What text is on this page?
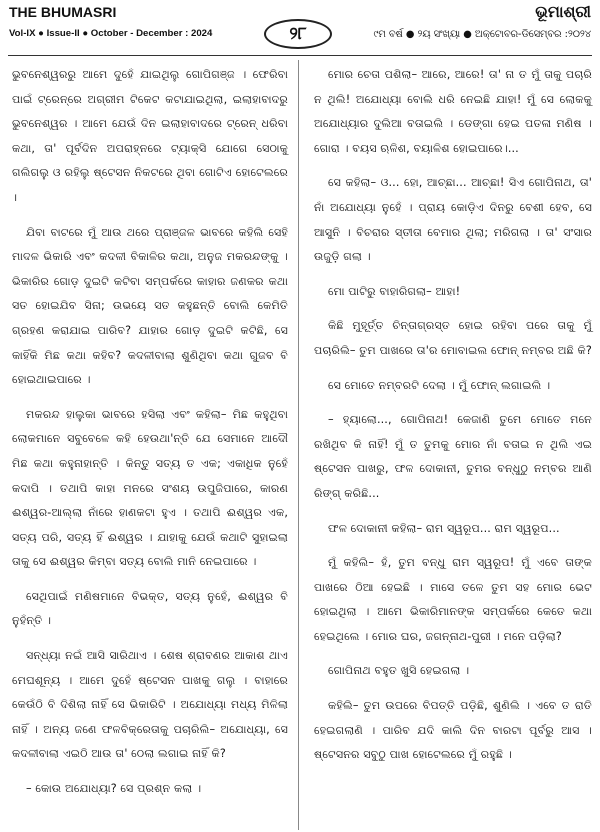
THE BHUMASRI
Vol-IX ● Issue-II ● October - December : 2024	୨୮
ଭୂମାଶ୍ରୀ
୯ମ ବର୍ଷ ● ୨ୟ ସଂଖ୍ୟା ● ଅକ୍ଟୋବର-ଡିସେମ୍ବର :୨୦୨୪

ଭୁବନେଶ୍ୱରରୁ ଆମେ ଦୁହେଁ ଯାଇଥିଲୁ ଗୋପିଗଞ୍ଜ । ଫେରିବା ପାଇଁ ଟ୍ରେନ୍‌ରେ ଅଗ୍ରୀମ ଟିକେଟ କଟାଯାଇଥିଲା, ଇଲାହାବାଦରୁ ଭୁବନେଶ୍ୱର । ଆମେ ଯେଉଁ ଦିନ ଇଲାହାବାଦରେ ଟ୍ରେନ୍ ଧରିବା କଥା, ତା' ପୂର୍ବଦିନ ଅପରାହ୍ନରେ ଟ୍ୟାକ୍ସି ଯୋଗେ ସେଠାକୁ ଗଲିଗଲୁ ଓ ରହିଲୁ ଷ୍ଟେସନ ନିକଟରେ ଥିବା ଗୋଟିଏ ହୋଟେଲରେ ।

ଯିବା ବାଟରେ ମୁଁ ଆଉ ଥରେ ପ୍ରାଞ୍ଜଳ ଭାବରେ କହିଲି ସେହି ମାଦଳ ଭିକାରି ଏବଂ କଦଳୀ ବିକାଳିର କଥା, ଅନୁଜ ମକରନ୍ଦଙ୍କୁ । ଭିକାରିର ଗୋଡ଼ ଦୁଇଟି କଟିବା ସମ୍ପର୍କରେ କାହାର ଜଣକର କଥା ସତ ହୋଇଯିବ ସିନା; ଉଭୟେ ସତ କହୁଛନ୍ତି ବୋଲି କେମିତି ଗ୍ରହଣ କରାଯାଇ ପାରିବ? ଯାହାର ଗୋଡ଼ ଦୁଇଟି କଟିଛି, ସେ କାହିଁକି ମିଛ କଥା କହିବ? କଦଳୀବାଲା ଶୁଣିଥିବା କଥା ଗୁଜବ ବି ହୋଇଥାଇପାରେ ।

ମକରନ୍ଦ ହାଲୁକା ଭାବରେ ହସିଲା ଏବଂ କହିଲା– ମିଛ କହୁଥିବା ଲୋକମାନେ ସବୁବେଳେ କହି ହେଉଥା'ନ୍ତି ଯେ ସେମାନେ ଆଦୌ ମିଛ କଥା କହୁନାହାନ୍ତି । କିନ୍ତୁ ସତ୍ୟ ତ ଏକ; ଏକାଧିକ ନୁହେଁ କଦାପି । ତଥାପି କାହା ମନରେ ସଂଶୟ ଉପୁଜିପାରେ, କାରଣ ଈଶ୍ୱର-ଆଲ୍ଲା ନାଁରେ ହାଣକଟା ହୁଏ । ତଥାପି ଈଶ୍ୱର ଏକ, ସତ୍ୟ ପରି, ସତ୍ୟ ହିଁ ଈଶ୍ୱର । ଯାହାକୁ ଯେଉଁ କଥାଟି ସୁହାଇଲା ତାକୁ ସେ ଈଶ୍ୱର କିମ୍ବା ସତ୍ୟ ବୋଲି ମାନି ନେଇପାରେ ।

ସେଥିପାଇଁ ମଣିଷମାନେ ବିଭକ୍ତ, ସତ୍ୟ ନୁହେଁ, ଈଶ୍ୱର ବି ନୁହଁନ୍ତି ।

ସନ୍ଧ୍ୟା ନଇଁ ଆସି ସାରିଥାଏ । ଶେଷ ଶ୍ରାବଣର ଆକାଶ ଥାଏ ମେଘଶୂନ୍ୟ । ଆମେ ଦୁହେଁ ଷ୍ଟେସନ ପାଖକୁ ଗଲୁ । ବାହାରେ କେଉଁଠି ବି ଦିଶିଲା ନାହିଁ ସେ ଭିକାରିଟି । ଅଯୋଧ୍ୟା ମଧ୍ୟ ମିଳିଲା ନାହିଁ । ଅନ୍ୟ ଜଣେ ଫଳବିକ୍ରେତାକୁ ପଚାରିଲି– ଅଯୋଧ୍ୟା, ସେ କଦଳୀବାଲା ଏଇଠି ଆଉ ତା' ଠେଲା ଲଗାଇ ନାହିଁ କି?

– କୋଉ ଅଯୋଧ୍ୟା? ସେ ପ୍ରଶ୍ନ କଲା ।

ମୋର ଚେତା ପଶିଲା– ଆରେ, ଆରେ! ତା' ନା ତ ମୁଁ ତାକୁ ପଚାରି ନ ଥିଲି! ଅଯୋଧ୍ୟା ବୋଲି ଧରି ନେଇଛି ଯାହା! ମୁଁ ସେ ଲୋକକୁ ଅଯୋଧ୍ୟାର ଦୁଲିଆ ବତାଇଲି । ଡେଙ୍ଗା ହେଇ ପତଳା ମଣିଷ । ଗୋରା । ବୟସ ଋଳିଶ, ବୟାଳିଶ ହୋଇପାରେ।...

ସେ କହିଲା– ଓ... ହୋ, ଆଚ୍ଛା... ଆଚ୍ଛା! ସିଏ ଗୋପିନାଥ, ତା' ନାଁ ଅଯୋଧ୍ୟା ନୁହେଁ । ପ୍ରାୟ କୋଡ଼ିଏ ଦିନରୁ ବେଶୀ ହେବ, ସେ ଆସୁନି । ବିଚରାର ସ୍ତୀତା ବେମାର ଥିଲା; ମରିଗଲା । ତା' ସଂସାର ଉଜୁଡ଼ି ଗଲା ।

ମୋ ପାଟିରୁ ବାହାରିଗଲା– ଆହା!

କିଛି ମୁହୂର୍ତ୍ତ ଚିନ୍ତାଗ୍ରସ୍ତ ହୋଇ ରହିବା ପରେ ତାକୁ ମୁଁ ପଚାରିଲି– ତୁମ ପାଖରେ ତା'ର ମୋବାଇଲ ଫୋନ୍ ନମ୍ବର ଅଛି କି?

ସେ ମୋତେ ନମ୍ବରଟି ଦେଲା । ମୁଁ ଫୋନ୍ ଲଗାଇଲି ।

– ହ୍ୟାଲୋ..., ଗୋପିନାଥ! କେଜାଣି ତୁମେ ମୋତେ ମନେ ରଖିଥିବ କି ନାହିଁ! ମୁଁ ତ ତୁମକୁ ମୋର ନାଁ ବତାଇ ନ ଥିଲି ଏଇ ଷ୍ଟେସନ ପାଖରୁ, ଫଳ ଦୋକାନୀ, ତୁମର ବନ୍ଧୁଠୁ ନମ୍ବର ଆଣି ରିଙ୍ଗ୍ କରିଛି...

ଫଳ ଦୋକାନୀ କହିଲା– ରାମ ସ୍ୱରୂପ... ରାମ ସ୍ୱରୂପ...

ମୁଁ କହିଲି– ହଁ, ତୁମ ବନ୍ଧୁ ରାମ ସ୍ୱରୂପ! ମୁଁ ଏବେ ତାଙ୍କ ପାଖରେ ଠିଆ ହେଇଛି । ମାସେ ତଳେ ତୁମ ସହ ମୋର ଭେଟ ହୋଇଥିଲା । ଆମେ ଭିକାରିମାନଙ୍କ ସମ୍ପର୍କରେ କେତେ କଥା ହେଇଥିଲେ । ମୋର ଘର, ଜଗନ୍ନାଥ-ପୁରୀ । ମନେ ପଡ଼ିଲା?

ଗୋପିନାଥ ବହୁତ ଖୁସି ହେଇଗଲା ।

କହିଲି– ତୁମ ଉପରେ ବିପତ୍ତି ପଡ଼ିଛି, ଶୁଣିଲି । ଏବେ ତ ରାତି ହେଇଗଲାଣି । ପାରିବ ଯଦି କାଲି ଦିନ ବାରଟା ପୂର୍ବରୁ ଆସ । ଷ୍ଟେସନର ସବୁଠୁ ପାଖ ହୋଟେଲରେ ମୁଁ ରହୁଛି ।
